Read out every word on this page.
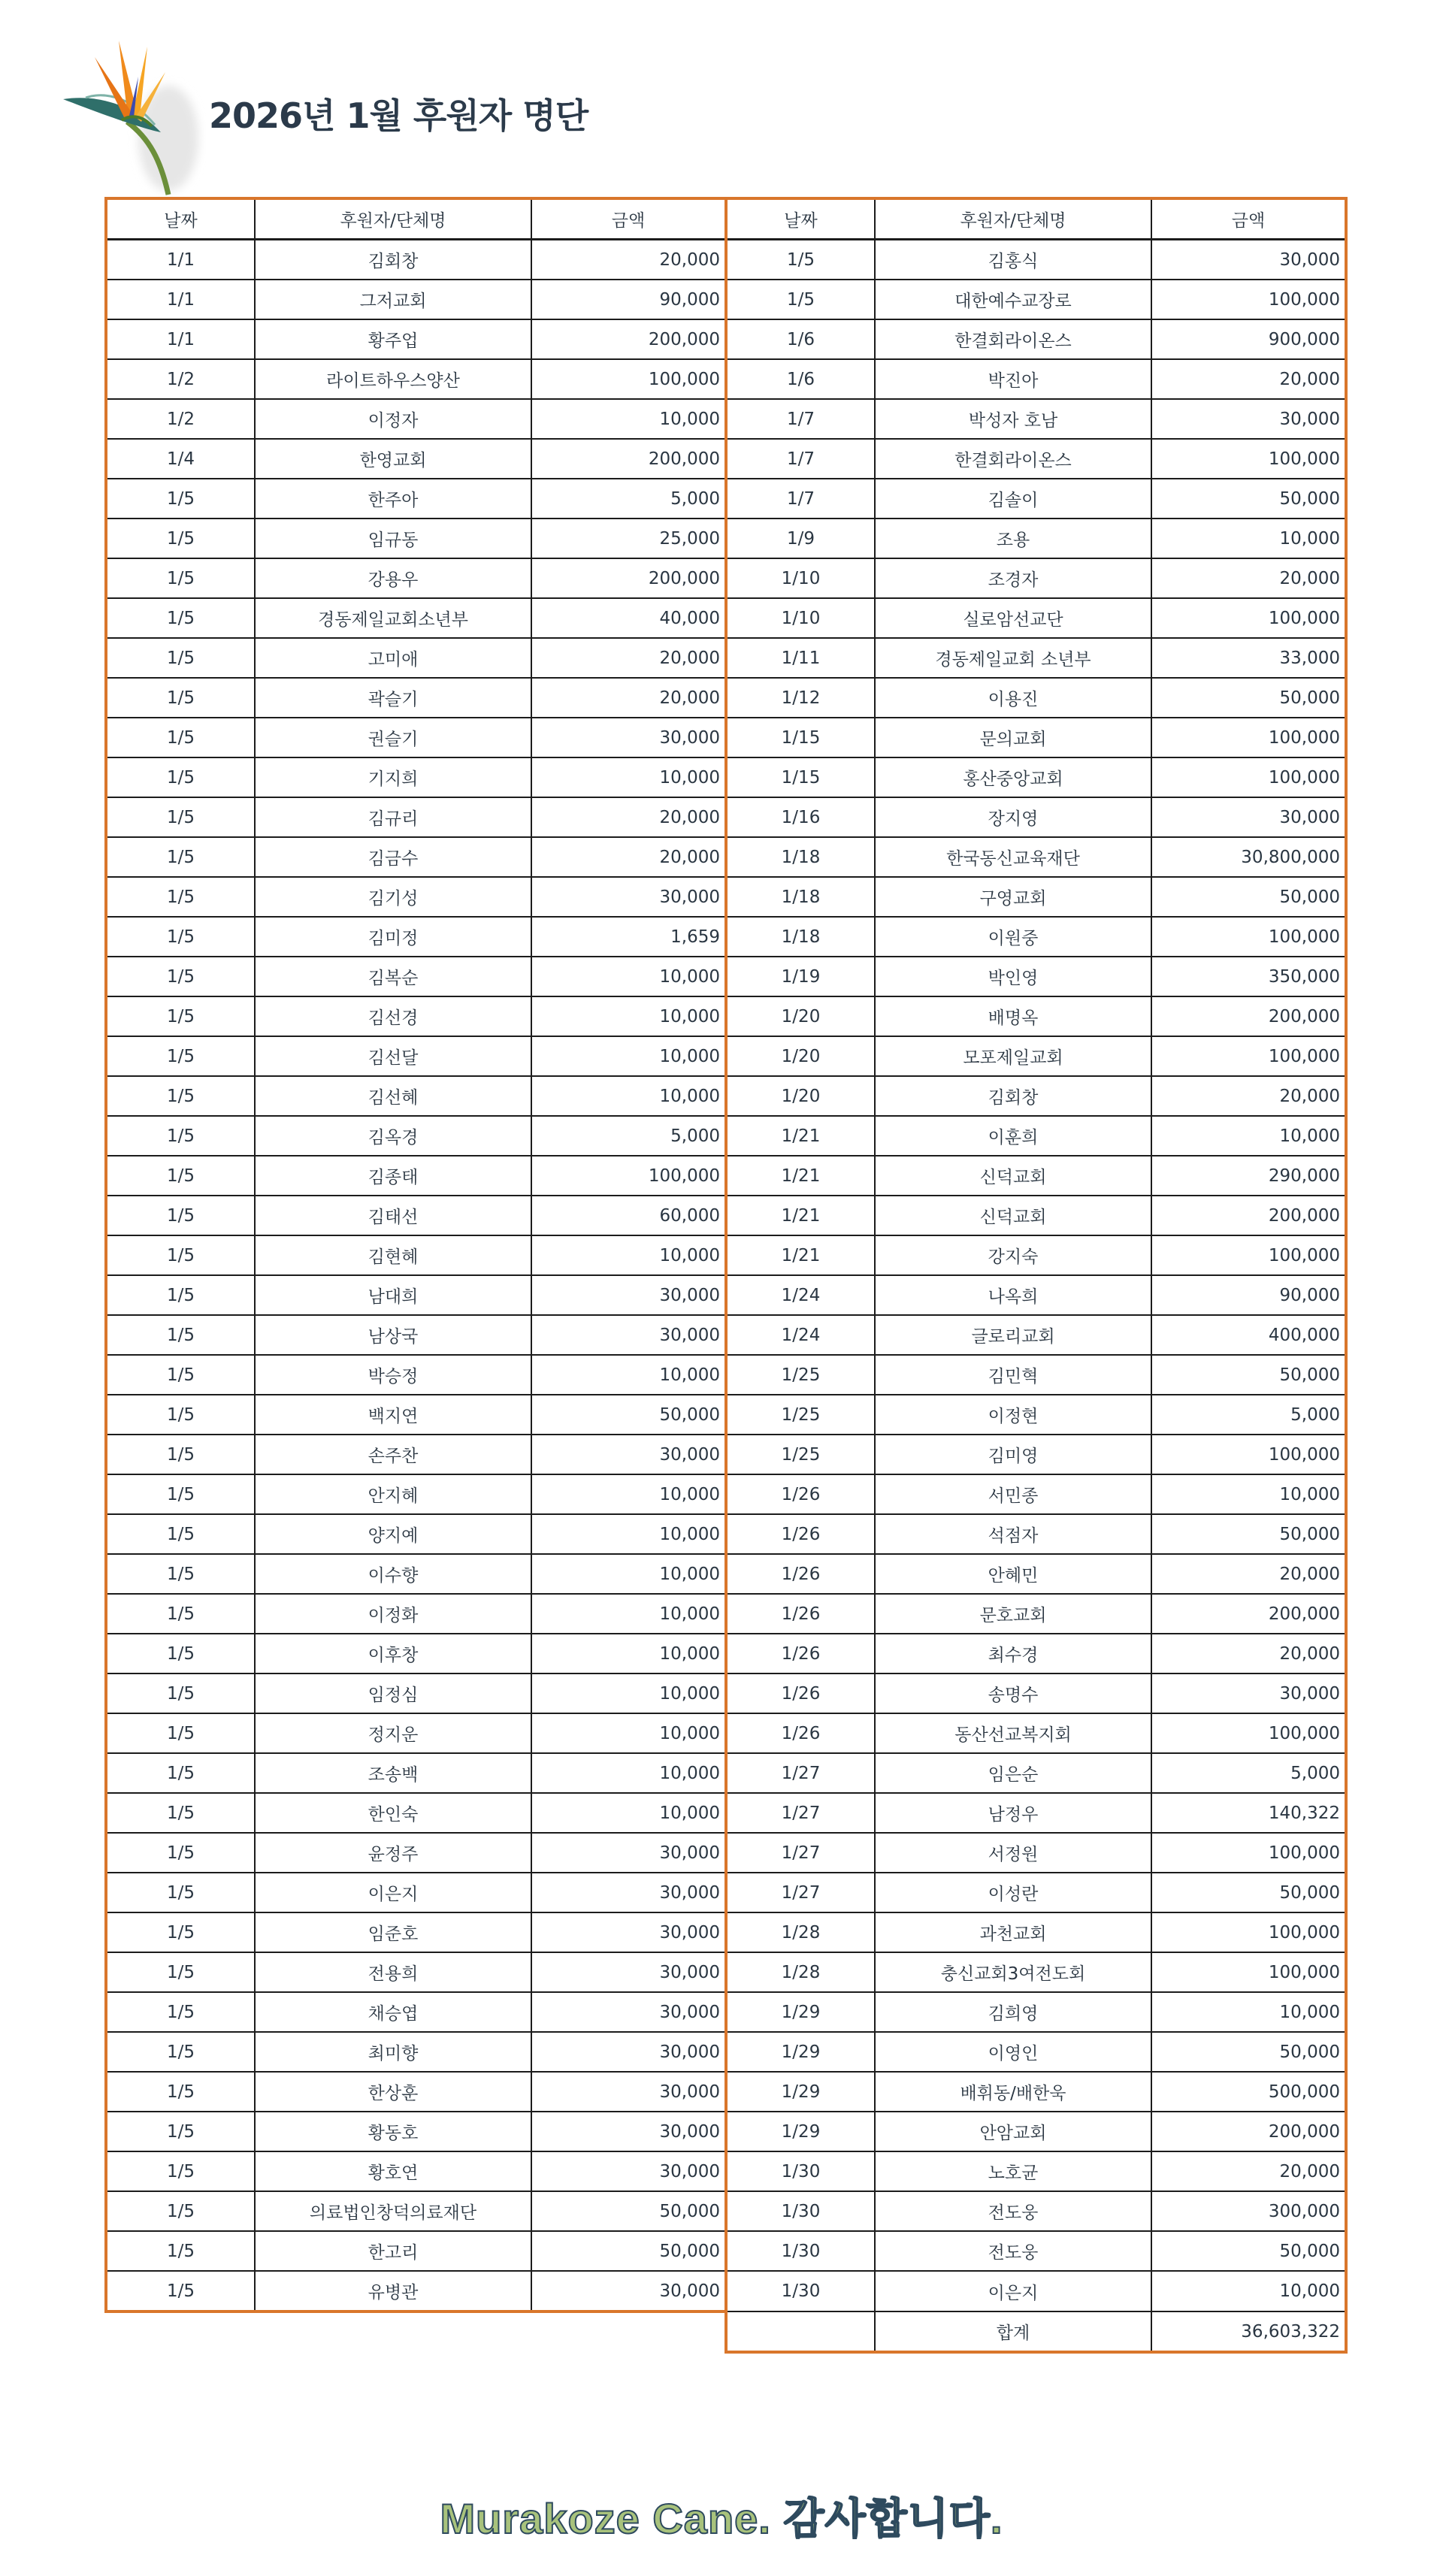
2026년 1월 후원자 명단
날짜	후원자/단체명	금액	날짜	후원자/단체명	금액
1/1	김회창	20,000	1/5	김홍식	30,000
1/1	그저교회	90,000	1/5	대한예수교장로	100,000
1/1	황주업	200,000	1/6	한결회라이온스	900,000
1/2	라이트하우스양산	100,000	1/6	박진아	20,000
1/2	이정자	10,000	1/7	박성자 호남	30,000
1/4	한영교회	200,000	1/7	한결회라이온스	100,000
1/5	한주아	5,000	1/7	김솔이	50,000
1/5	임규동	25,000	1/9	조용	10,000
1/5	강용우	200,000	1/10	조경자	20,000
1/5	경동제일교회소년부	40,000	1/10	실로암선교단	100,000
1/5	고미애	20,000	1/11	경동제일교회 소년부	33,000
1/5	곽슬기	20,000	1/12	이용진	50,000
1/5	권슬기	30,000	1/15	문의교회	100,000
1/5	기지희	10,000	1/15	홍산중앙교회	100,000
1/5	김규리	20,000	1/16	장지영	30,000
1/5	김금수	20,000	1/18	한국동신교육재단	30,800,000
1/5	김기성	30,000	1/18	구영교회	50,000
1/5	김미정	1,659	1/18	이원중	100,000
1/5	김복순	10,000	1/19	박인영	350,000
1/5	김선경	10,000	1/20	배명옥	200,000
1/5	김선달	10,000	1/20	모포제일교회	100,000
1/5	김선혜	10,000	1/20	김회창	20,000
1/5	김옥경	5,000	1/21	이훈희	10,000
1/5	김종태	100,000	1/21	신덕교회	290,000
1/5	김태선	60,000	1/21	신덕교회	200,000
1/5	김현혜	10,000	1/21	강지숙	100,000
1/5	남대희	30,000	1/24	나옥희	90,000
1/5	남상국	30,000	1/24	글로리교회	400,000
1/5	박승정	10,000	1/25	김민혁	50,000
1/5	백지연	50,000	1/25	이정현	5,000
1/5	손주찬	30,000	1/25	김미영	100,000
1/5	안지혜	10,000	1/26	서민종	10,000
1/5	양지예	10,000	1/26	석점자	50,000
1/5	이수향	10,000	1/26	안혜민	20,000
1/5	이정화	10,000	1/26	문호교회	200,000
1/5	이후창	10,000	1/26	최수경	20,000
1/5	임정심	10,000	1/26	송명수	30,000
1/5	정지운	10,000	1/26	동산선교복지회	100,000
1/5	조송백	10,000	1/27	임은순	5,000
1/5	한인숙	10,000	1/27	남정우	140,322
1/5	윤정주	30,000	1/27	서정원	100,000
1/5	이은지	30,000	1/27	이성란	50,000
1/5	임준호	30,000	1/28	과천교회	100,000
1/5	전용희	30,000	1/28	충신교회3여전도회	100,000
1/5	채승엽	30,000	1/29	김희영	10,000
1/5	최미향	30,000	1/29	이영인	50,000
1/5	한상훈	30,000	1/29	배휘동/배한욱	500,000
1/5	황동호	30,000	1/29	안암교회	200,000
1/5	황호연	30,000	1/30	노호균	20,000
1/5	의료법인창덕의료재단	50,000	1/30	전도웅	300,000
1/5	한고리	50,000	1/30	전도웅	50,000
1/5	유병관	30,000	1/30	이은지	10,000
				합계	36,603,322
Murakoze Cane. 감사합니다.
